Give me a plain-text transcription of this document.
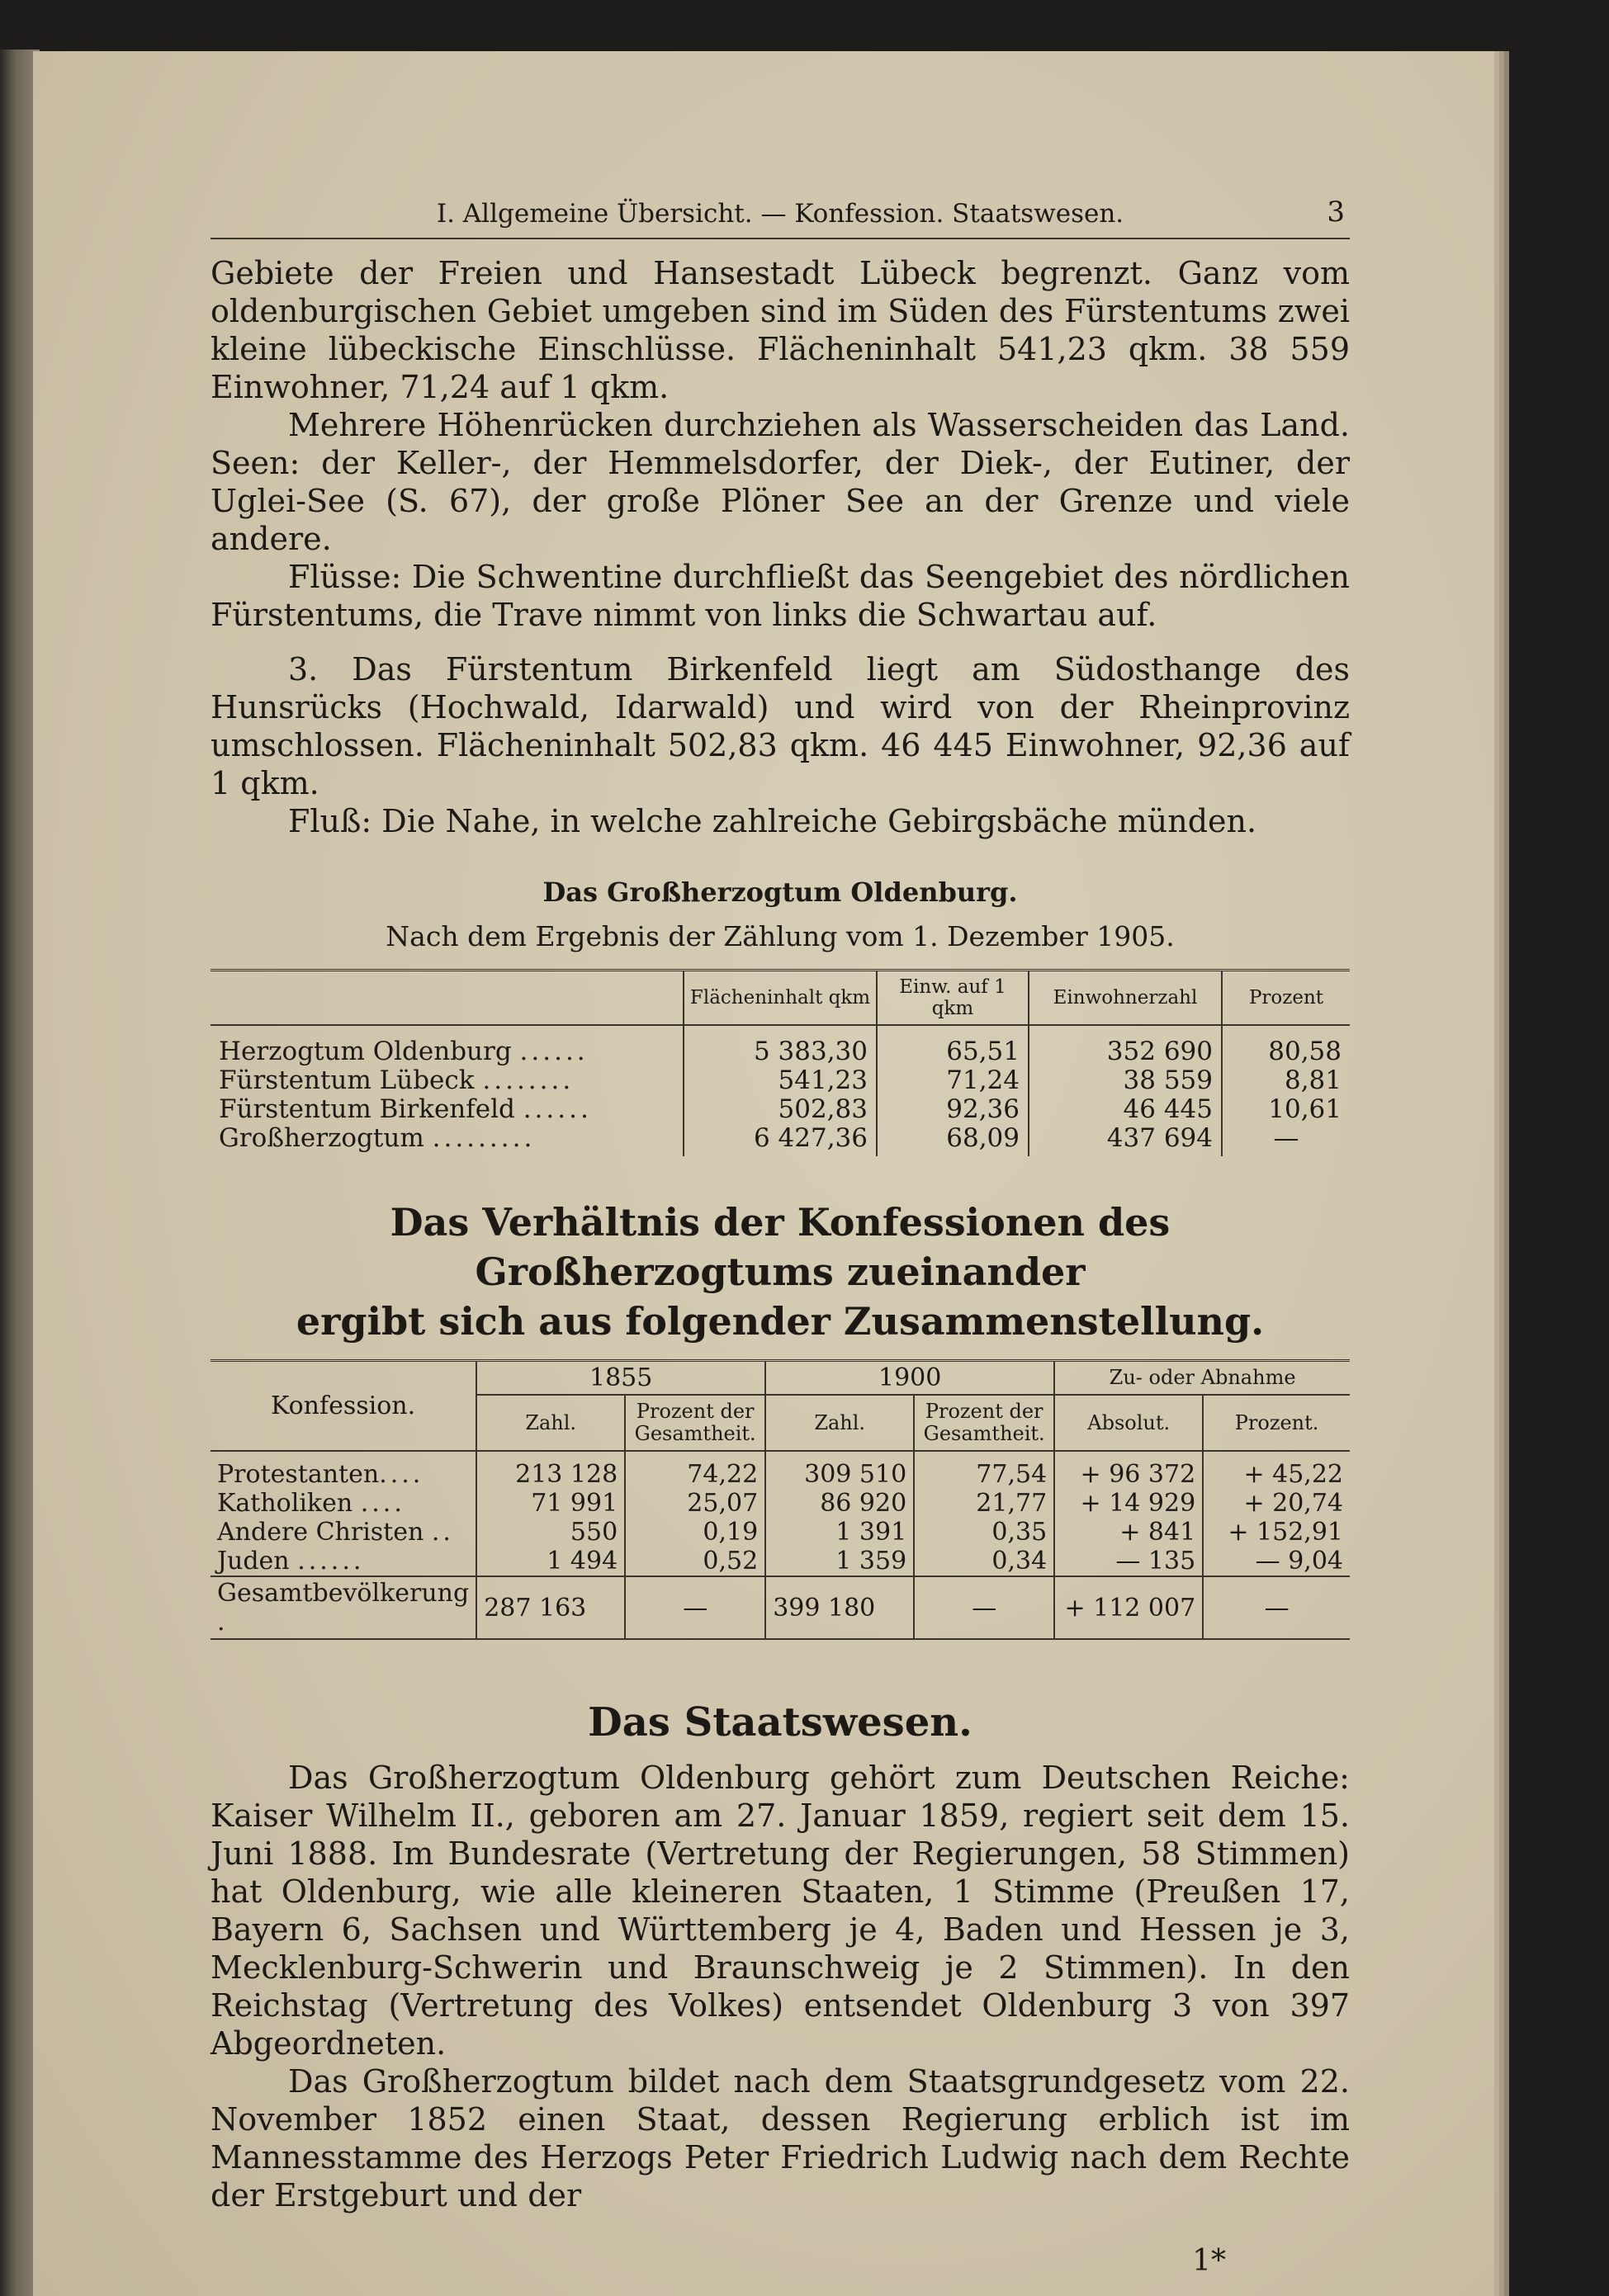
I. Allgemeine Übersicht. — Konfession. Staatswesen.	3

Gebiete der Freien und Hansestadt Lübeck begrenzt. Ganz vom oldenburgischen Gebiet umgeben sind im Süden des Fürstentums zwei kleine lübeckische Einschlüsse. Flächeninhalt 541,23 qkm. 38 559 Einwohner, 71,24 auf 1 qkm.

Mehrere Höhenrücken durchziehen als Wasserscheiden das Land. Seen: der Keller-, der Hemmelsdorfer, der Diek-, der Eutiner, der Uglei-See (S. 67), der große Plöner See an der Grenze und viele andere.

Flüsse: Die Schwentine durchfließt das Seengebiet des nördlichen Fürstentums, die Trave nimmt von links die Schwartau auf.

3. Das Fürstentum Birkenfeld liegt am Südosthange des Hunsrücks (Hochwald, Idarwald) und wird von der Rheinprovinz umschlossen. Flächeninhalt 502,83 qkm. 46 445 Einwohner, 92,36 auf 1 qkm.

Fluß: Die Nahe, in welche zahlreiche Gebirgsbäche münden.

Das Großherzogtum Oldenburg.
Nach dem Ergebnis der Zählung vom 1. Dezember 1905.
	Flächeninhalt qkm	Einw. auf 1 qkm	Einwohnerzahl	Prozent
Herzogtum Oldenburg ......	5 383,30	65,51	352 690	80,58
Fürstentum Lübeck ........	541,23	71,24	38 559	8,81
Fürstentum Birkenfeld ......	502,83	92,36	46 445	10,61
Großherzogtum .........	6 427,36	68,09	437 694	—
Das Verhältnis der Konfessionen des Großherzogtums zueinander
ergibt sich aus folgender Zusammenstellung.
Konfession.	1855		1900		Zu- oder Abnahme	
	Zahl.	Prozent der Gesamtheit.	Zahl.	Prozent der Gesamtheit.	Absolut.	Prozent.
Protestanten....	213 128	74,22	309 510	77,54	+ 96 372	+ 45,22
Katholiken ....	71 991	25,07	86 920	21,77	+ 14 929	+ 20,74
Andere Christen ..	550	0,19	1 391	0,35	+ 841	+ 152,91
Juden ......	1 494	0,52	1 359	0,34	— 135	— 9,04
Gesamtbevölkerung .	287 163	—	399 180	—	+ 112 007	—
Das Staatswesen.

Das Großherzogtum Oldenburg gehört zum Deutschen Reiche: Kaiser Wilhelm II., geboren am 27. Januar 1859, regiert seit dem 15. Juni 1888. Im Bundesrate (Vertretung der Regierungen, 58 Stimmen) hat Oldenburg, wie alle kleineren Staaten, 1 Stimme (Preußen 17, Bayern 6, Sachsen und Württemberg je 4, Baden und Hessen je 3, Mecklenburg-Schwerin und Braunschweig je 2 Stimmen). In den Reichstag (Vertretung des Volkes) entsendet Oldenburg 3 von 397 Abgeordneten.

Das Großherzogtum bildet nach dem Staatsgrundgesetz vom 22. November 1852 einen Staat, dessen Regierung erblich ist im Mannesstamme des Herzogs Peter Friedrich Ludwig nach dem Rechte der Erstgeburt und der

1*
